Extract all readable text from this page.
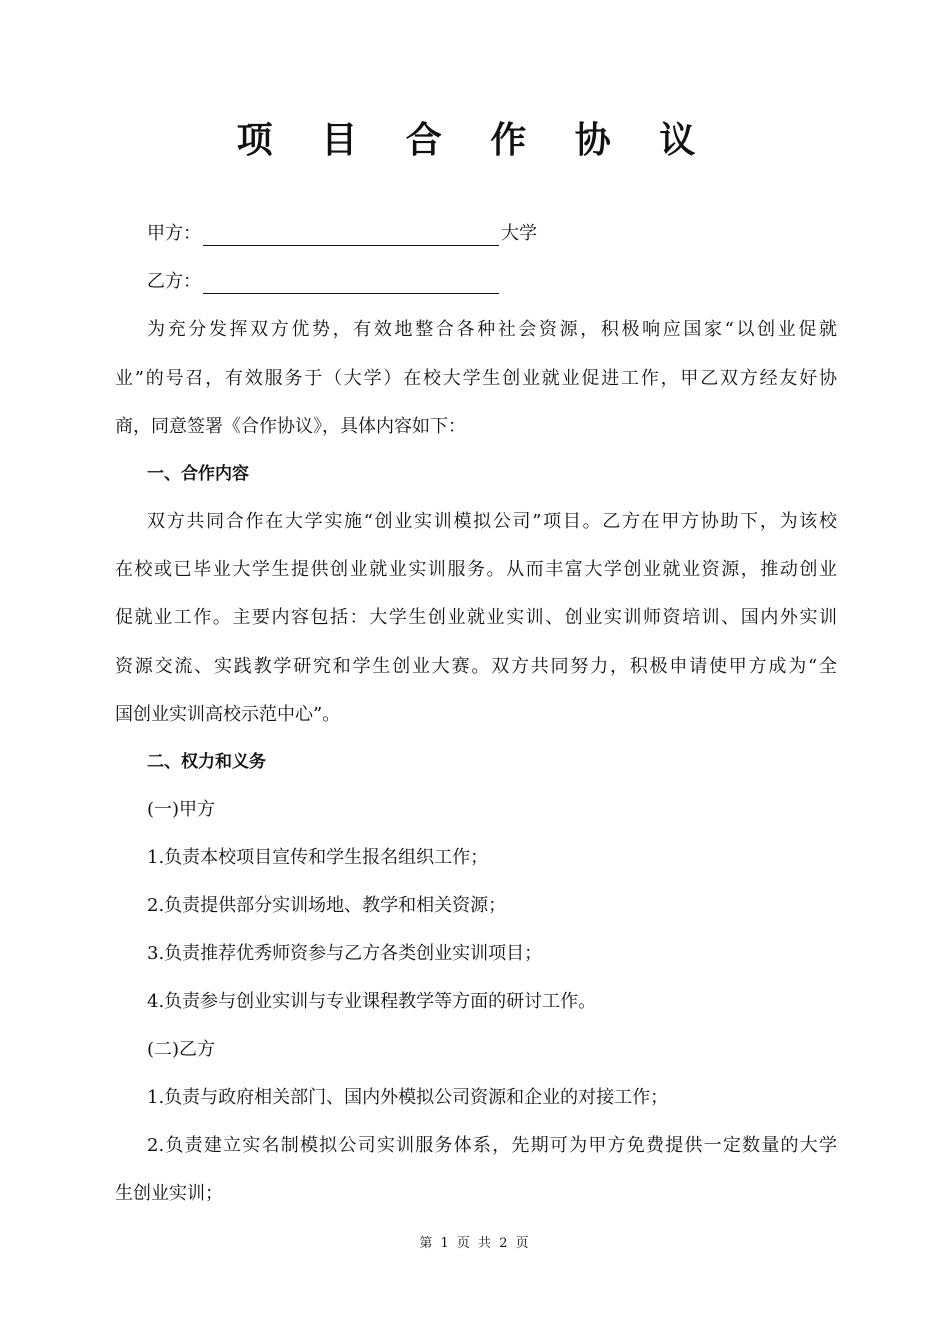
项 目 合 作 协 议
甲方：	大学
乙方：
为充分发挥双方优势，有效地整合各种社会资源，积极响应国家“以创业促就
业”的号召，有效服务于（大学）在校大学生创业就业促进工作，甲乙双方经友好协
商，同意签署《合作协议》，具体内容如下：
一、合作内容
双方共同合作在大学实施“创业实训模拟公司”项目。乙方在甲方协助下，为该校
在校或已毕业大学生提供创业就业实训服务。从而丰富大学创业就业资源，推动创业
促就业工作。主要内容包括：大学生创业就业实训、创业实训师资培训、国内外实训
资源交流、实践教学研究和学生创业大赛。双方共同努力，积极申请使甲方成为“全
国创业实训高校示范中心”。
二、权力和义务
(一)甲方
1.负责本校项目宣传和学生报名组织工作；
2.负责提供部分实训场地、教学和相关资源；
3.负责推荐优秀师资参与乙方各类创业实训项目；
4.负责参与创业实训与专业课程教学等方面的研讨工作。
(二)乙方
1.负责与政府相关部门、国内外模拟公司资源和企业的对接工作；
2.负责建立实名制模拟公司实训服务体系，先期可为甲方免费提供一定数量的大学
生创业实训；
第 1 页 共 2 页
